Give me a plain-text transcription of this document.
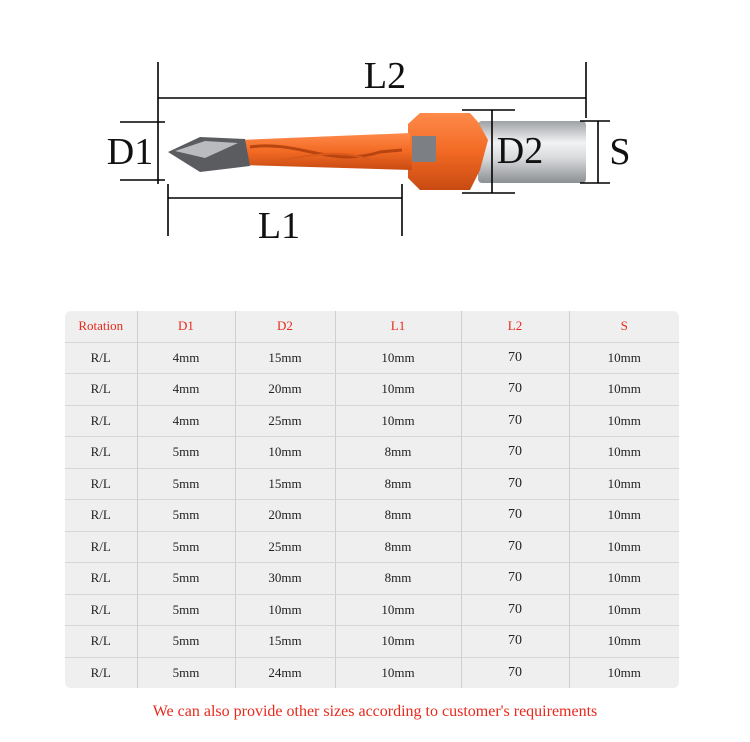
L2
D1	D2 S
L1
Rotation	D1	D2	L1	L2	S
R/L	4mm	15mm	10mm	70	10mm
R/L	4mm	20mm	10mm	70	10mm
R/L	4mm	25mm	10mm	70	10mm
R/L	5mm	10mm	8mm	70	10mm
R/L	5mm	15mm	8mm	70	10mm
R/L	5mm	20mm	8mm	70	10mm
R/L	5mm	25mm	8mm	70	10mm
R/L	5mm	30mm	8mm	70	10mm
R/L	5mm	10mm	10mm	70	10mm
R/L	5mm	15mm	10mm	70	10mm
R/L	5mm	24mm	10mm	70	10mm
We can also provide other sizes according to customer's requirements
